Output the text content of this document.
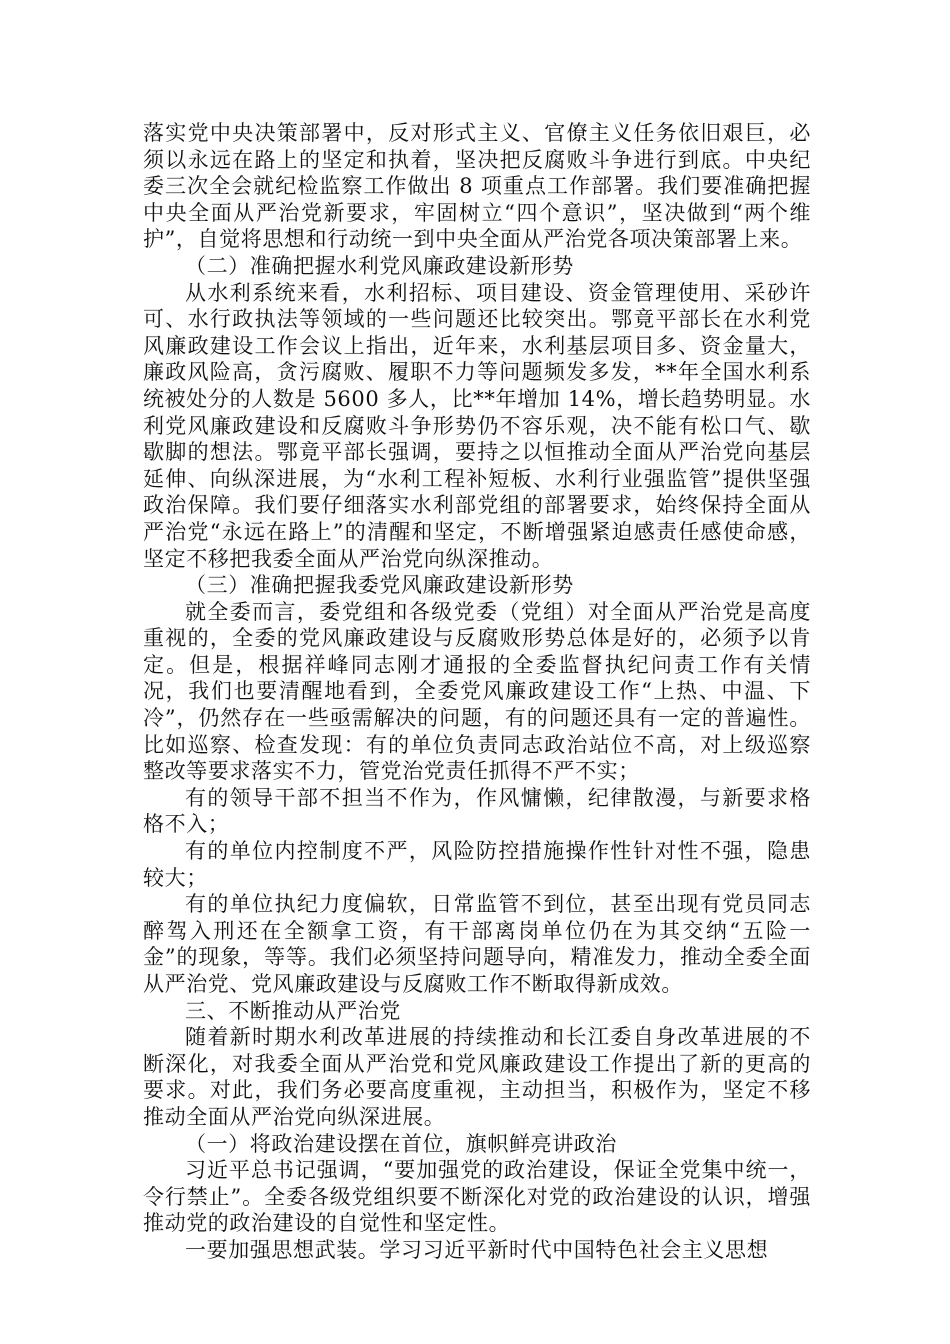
落实党中央决策部署中，反对形式主义、官僚主义任务依旧艰巨，必须以永远在路上的坚定和执着，坚决把反腐败斗争进行到底。中央纪委三次全会就纪检监察工作做出 8 项重点工作部署。我们要准确把握中央全面从严治党新要求，牢固树立“四个意识”，坚决做到“两个维护”，自觉将思想和行动统一到中央全面从严治党各项决策部署上来。

（二）准确把握水利党风廉政建设新形势

从水利系统来看，水利招标、项目建设、资金管理使用、采砂许可、水行政执法等领域的一些问题还比较突出。鄂竟平部长在水利党风廉政建设工作会议上指出，近年来，水利基层项目多、资金量大，廉政风险高，贪污腐败、履职不力等问题频发多发，**年全国水利系统被处分的人数是 5600 多人，比**年增加 14%，增长趋势明显。水利党风廉政建设和反腐败斗争形势仍不容乐观，决不能有松口气、歇歇脚的想法。鄂竟平部长强调，要持之以恒推动全面从严治党向基层延伸、向纵深进展，为“水利工程补短板、水利行业强监管”提供坚强政治保障。我们要仔细落实水利部党组的部署要求，始终保持全面从严治党“永远在路上”的清醒和坚定，不断增强紧迫感责任感使命感，坚定不移把我委全面从严治党向纵深推动。

（三）准确把握我委党风廉政建设新形势

就全委而言，委党组和各级党委（党组）对全面从严治党是高度重视的，全委的党风廉政建设与反腐败形势总体是好的，必须予以肯定。但是，根据祥峰同志刚才通报的全委监督执纪问责工作有关情况，我们也要清醒地看到，全委党风廉政建设工作“上热、中温、下冷”，仍然存在一些亟需解决的问题，有的问题还具有一定的普遍性。比如巡察、检查发现：有的单位负责同志政治站位不高，对上级巡察整改等要求落实不力，管党治党责任抓得不严不实；

有的领导干部不担当不作为，作风慵懒，纪律散漫，与新要求格格不入；

有的单位内控制度不严，风险防控措施操作性针对性不强，隐患较大；

有的单位执纪力度偏软，日常监管不到位，甚至出现有党员同志醉驾入刑还在全额拿工资，有干部离岗单位仍在为其交纳“五险一金”的现象，等等。我们必须坚持问题导向，精准发力，推动全委全面从严治党、党风廉政建设与反腐败工作不断取得新成效。

三、不断推动从严治党

随着新时期水利改革进展的持续推动和长江委自身改革进展的不断深化，对我委全面从严治党和党风廉政建设工作提出了新的更高的要求。对此，我们务必要高度重视，主动担当，积极作为，坚定不移推动全面从严治党向纵深进展。

（一）将政治建设摆在首位，旗帜鲜亮讲政治

习近平总书记强调，“要加强党的政治建设，保证全党集中统一，令行禁止”。全委各级党组织要不断深化对党的政治建设的认识，增强推动党的政治建设的自觉性和坚定性。

一要加强思想武装。学习习近平新时代中国特色社会主义思想
